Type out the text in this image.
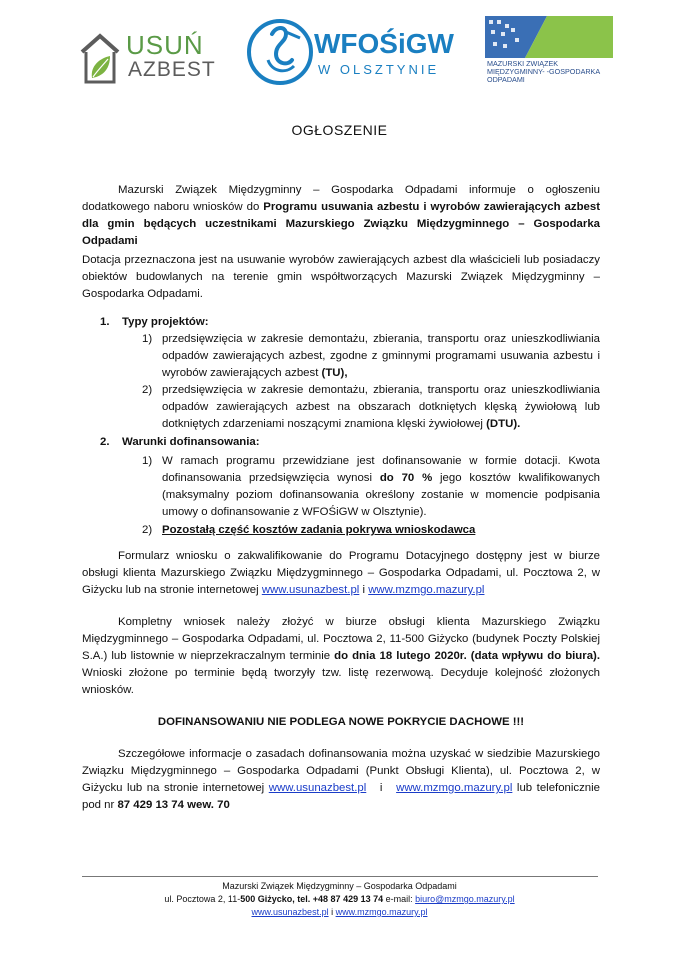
USUŃ
AZBEST
WFOŚiGW
W OLSZTYNIE	MAZURSKI ZWIĄZEK MIĘDZYGMINNY- -GOSPODARKA ODPADAMI
OGŁOSZENIE
Mazurski Związek Międzygminny – Gospodarka Odpadami informuje o ogłoszeniu dodatkowego naboru wniosków do Programu usuwania azbestu i wyrobów zawierających azbest dla gmin będących uczestnikami Mazurskiego Związku Międzygminnego – Gospodarka Odpadami
Dotacja przeznaczona jest na usuwanie wyrobów zawierających azbest dla właścicieli lub posiadaczy obiektów budowlanych na terenie gmin współtworzących Mazurski Związek Międzygminny – Gospodarka Odpadami.
1. Typy projektów:
1) przedsięwzięcia w zakresie demontażu, zbierania, transportu oraz unieszkodliwiania odpadów zawierających azbest, zgodne z gminnymi programami usuwania azbestu i wyrobów zawierających azbest (TU),
2) przedsięwzięcia w zakresie demontażu, zbierania, transportu oraz unieszkodliwiania odpadów zawierających azbest na obszarach dotkniętych klęską żywiołową lub dotkniętych zdarzeniami noszącymi znamiona klęski żywiołowej (DTU).
2. Warunki dofinansowania:
1) W ramach programu przewidziane jest dofinansowanie w formie dotacji. Kwota dofinansowania przedsięwzięcia wynosi do 70 % jego kosztów kwalifikowanych (maksymalny poziom dofinansowania określony zostanie w momencie podpisania umowy o dofinansowanie z WFOŚiGW w Olsztynie).
2) Pozostałą część kosztów zadania pokrywa wnioskodawca
Formularz wniosku o zakwalifikowanie do Programu Dotacyjnego dostępny jest w biurze obsługi klienta Mazurskiego Związku Międzygminnego – Gospodarka Odpadami, ul. Pocztowa 2, w Giżycku lub na stronie internetowej www.usunazbest.pl i www.mzmgo.mazury.pl
Kompletny wniosek należy złożyć w biurze obsługi klienta Mazurskiego Związku Międzygminnego – Gospodarka Odpadami, ul. Pocztowa 2, 11-500 Giżycko (budynek Poczty Polskiej S.A.) lub listownie w nieprzekraczalnym terminie do dnia 18 lutego 2020r. (data wpływu do biura). Wnioski złożone po terminie będą tworzyły tzw. listę rezerwową. Decyduje kolejność złożonych wniosków.
DOFINANSOWANIU NIE PODLEGA NOWE POKRYCIE DACHOWE !!!
Szczegółowe informacje o zasadach dofinansowania można uzyskać w siedzibie Mazurskiego Związku Międzygminnego – Gospodarka Odpadami (Punkt Obsługi Klienta), ul. Pocztowa 2, w Giżycku lub na stronie internetowej www.usunazbest.pl   i   www.mzmgo.mazury.pl lub telefonicznie pod nr 87 429 13 74 wew. 70
Mazurski Związek Międzygminny – Gospodarka Odpadami
ul. Pocztowa 2, 11-500 Giżycko, tel. +48 87 429 13 74 e-mail: biuro@mzmgo.mazury.pl
www.usunazbest.pl i www.mzmgo.mazury.pl
